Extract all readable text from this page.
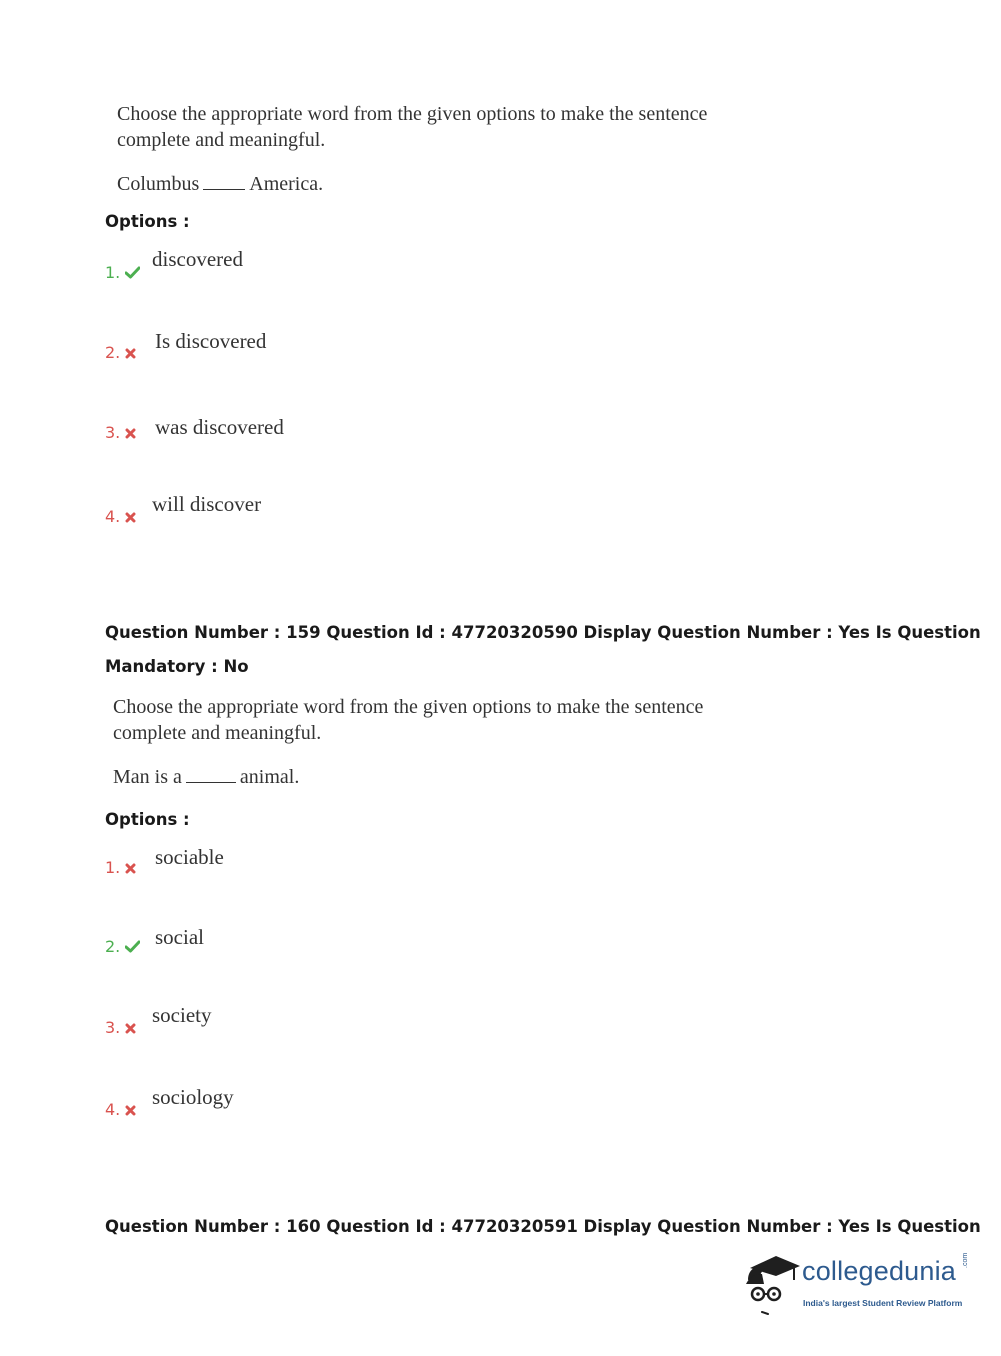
Choose the appropriate word from the given options to make the sentence
complete and meaningful.
Columbus	America.
Options :
1.
discovered
2.	Is discovered
3.	was discovered
4.
will discover
Question Number : 159 Question Id : 47720320590 Display Question Number : Yes Is Question
Mandatory : No
Choose the appropriate word from the given options to make the sentence
complete and meaningful.
Man is a	animal.
Options :
1.	sociable
2.	social
3.
society
4.
sociology
Question Number : 160 Question Id : 47720320591 Display Question Number : Yes Is Question
collegedunia .com
India's largest Student Review Platform
